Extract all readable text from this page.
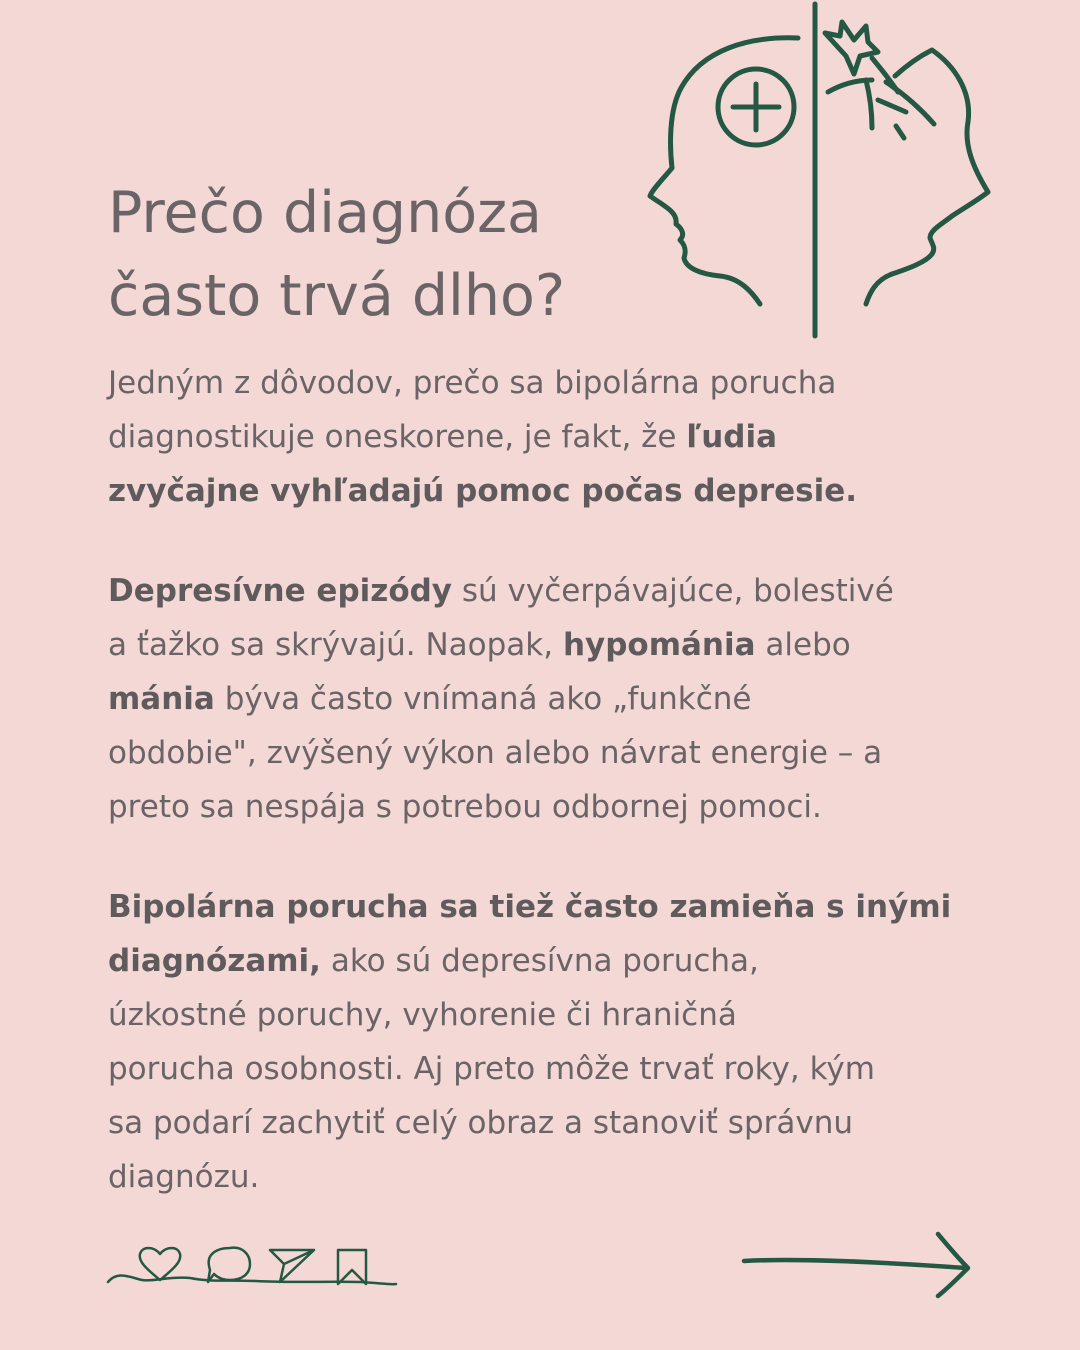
Prečo diagnóza
často trvá dlho?

Jedným z dôvodov, prečo sa bipolárna porucha
diagnostikuje oneskorene, je fakt, že ľudia
zvyčajne vyhľadajú pomoc počas depresie.

Depresívne epizódy sú vyčerpávajúce, bolestivé
a ťažko sa skrývajú. Naopak, hypománia alebo
mánia býva často vnímaná ako „funkčné
obdobie", zvýšený výkon alebo návrat energie – a
preto sa nespája s potrebou odbornej pomoci.

Bipolárna porucha sa tiež často zamieňa s inými
diagnózami, ako sú depresívna porucha,
úzkostné poruchy, vyhorenie či hraničná
porucha osobnosti. Aj preto môže trvať roky, kým
sa podarí zachytiť celý obraz a stanoviť správnu
diagnózu.
